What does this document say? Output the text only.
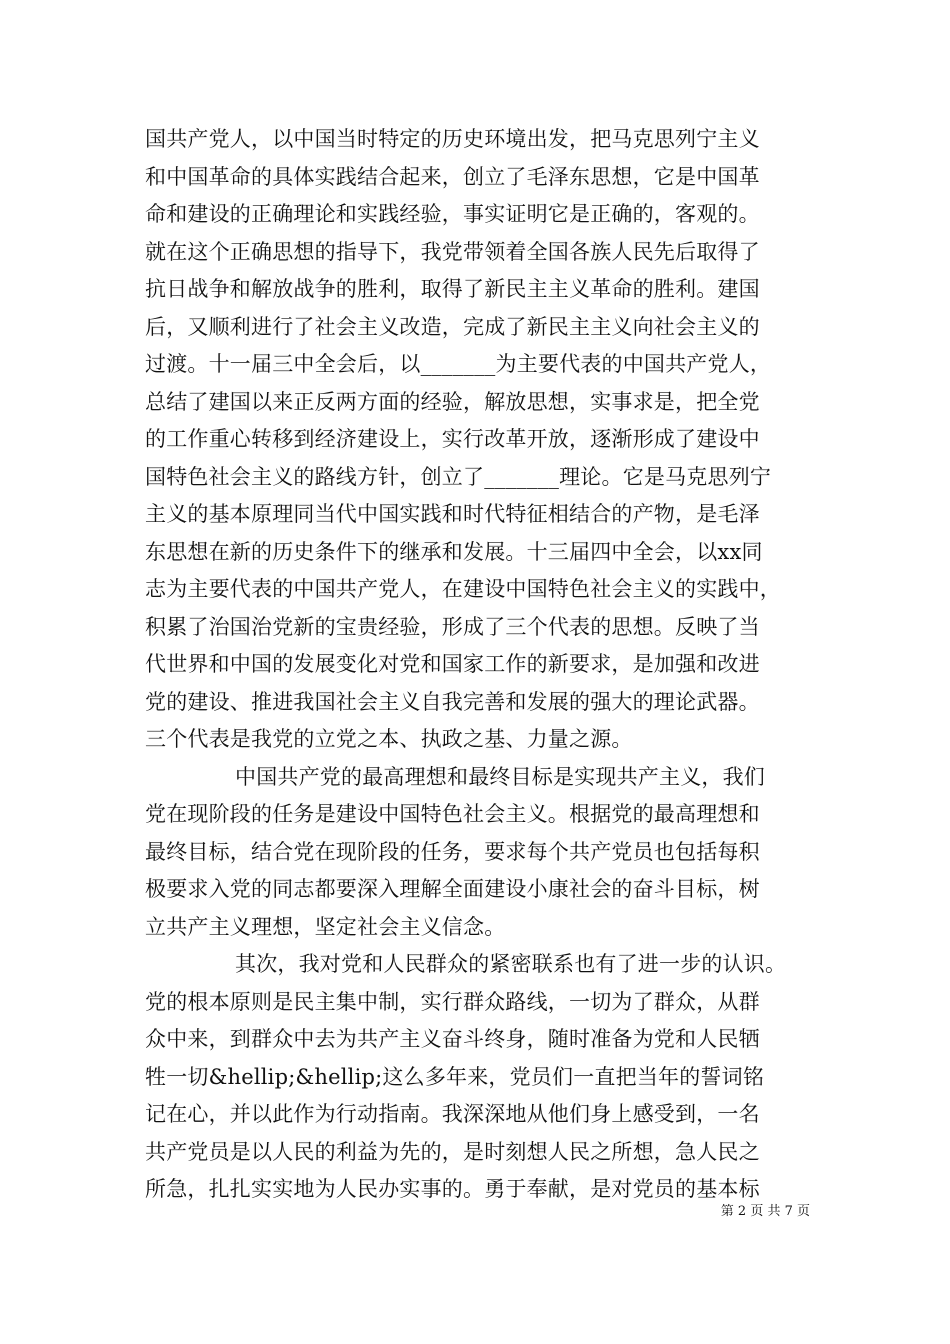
国共产党人，以中国当时特定的历史环境出发，把马克思列宁主义
和中国革命的具体实践结合起来，创立了毛泽东思想，它是中国革
命和建设的正确理论和实践经验，事实证明它是正确的，客观的。
就在这个正确思想的指导下，我党带领着全国各族人民先后取得了
抗日战争和解放战争的胜利，取得了新民主主义革命的胜利。建国
后，又顺利进行了社会主义改造，完成了新民主主义向社会主义的
过渡。十一届三中全会后，以_______为主要代表的中国共产党人，
总结了建国以来正反两方面的经验，解放思想，实事求是，把全党
的工作重心转移到经济建设上，实行改革开放，逐渐形成了建设中
国特色社会主义的路线方针，创立了_______理论。它是马克思列宁
主义的基本原理同当代中国实践和时代特征相结合的产物，是毛泽
东思想在新的历史条件下的继承和发展。十三届四中全会，以xx同
志为主要代表的中国共产党人，在建设中国特色社会主义的实践中，
积累了治国治党新的宝贵经验，形成了三个代表的思想。反映了当
代世界和中国的发展变化对党和国家工作的新要求，是加强和改进
党的建设、推进我国社会主义自我完善和发展的强大的理论武器。
三个代表是我党的立党之本、执政之基、力量之源。
中国共产党的最高理想和最终目标是实现共产主义，我们
党在现阶段的任务是建设中国特色社会主义。根据党的最高理想和
最终目标，结合党在现阶段的任务，要求每个共产党员也包括每积
极要求入党的同志都要深入理解全面建设小康社会的奋斗目标，树
立共产主义理想，坚定社会主义信念。
其次，我对党和人民群众的紧密联系也有了进一步的认识。
党的根本原则是民主集中制，实行群众路线，一切为了群众，从群
众中来，到群众中去为共产主义奋斗终身，随时准备为党和人民牺
牲一切&hellip;&hellip;这么多年来，党员们一直把当年的誓词铭
记在心，并以此作为行动指南。我深深地从他们身上感受到，一名
共产党员是以人民的利益为先的，是时刻想人民之所想，急人民之
所急，扎扎实实地为人民办实事的。勇于奉献，是对党员的基本标
第 2 页 共 7 页
